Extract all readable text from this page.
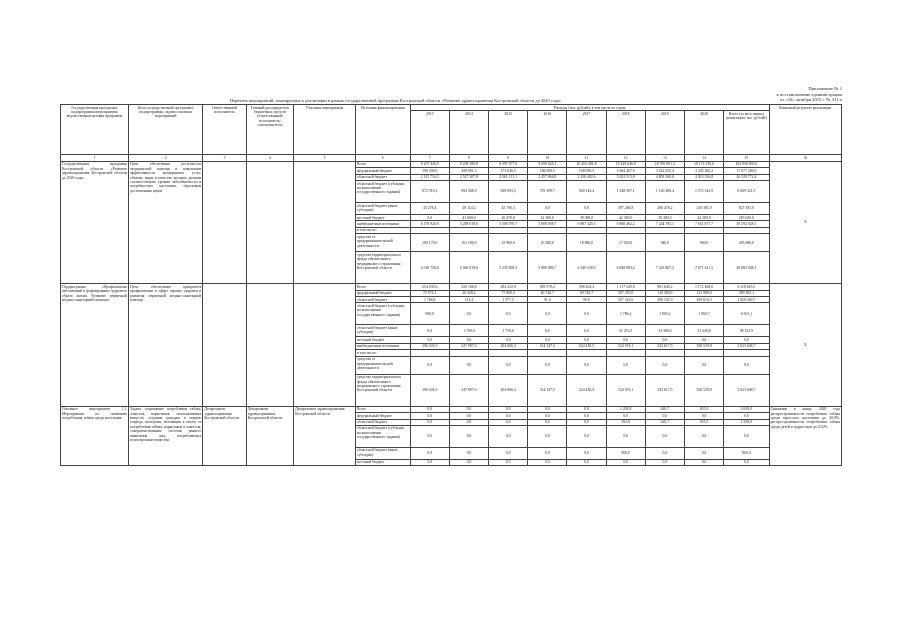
Приложение № 1
к постановлению администрации
от «16» октября 2015 г. № 311-а
Перечень мероприятий, планируемых к реализации в рамках государственной программы Костромской области «Развитие здравоохранения Костромской области до 2020 года»
Государственная программа/подпрограммы/мероприятия/ ведомственная целевая программа	Цель государственной программы/подпрограммы, задачи основных мероприятий	Ответственный исполнитель	Главный распорядитель бюджетных средств (ответственный исполнитель/ соисполнитель)	Участник мероприятия	Источник финансирования	Расходы (тыс. рублей), в том числе по годам									Конечный результат реализации
						2013	2014	2015	2016	2017	2018	2019	2020	Итого (за весь период реализации, тыс. рублей)	
1	2	3	4	5	6	7	8	9	10	11	12	13	14	15	16
Государственная программа Костромской области «Развитие здравоохранения Костромской области до 2020 года»	Цель: обеспечение доступности медицинской помощи и повышение эффективности медицинских услуг, объемы, виды и качество которых должны соответствовать уровню заболеваемости и потребностям населения, передовым достижениям науки				Всего	9 257 426,5	9 258 180,8	9 397 677,9	9 690 028,1	10 203 481,8	19 429 646,8	18 796 891,3	18 174 156,6	102 956 093,0	Х
					федеральный бюджет	196 300,0	458 891,3	273 636,5	188 096,5	108 096,5	3 664 467,9	3 522 035,4	4 203 300,2	17 077 200,0	
					областной бюджет	2 145 754,3	2 527 307,8	2 561 111,1	2 457 964,8	2 458 482,6	5 202 515,8	4 803 369,0	4 913 336,8	26 529 774,4	
					областной бюджет (субсидии на выполнение государственного задания)	872 919,2	994 368,0	928 093,5	781 399,7	940 143,4	1 248 507,1	1 140 408,4	1 573 342,9	8 669 321,5	
					областной бюджет (иные субсидии)	43 278,4	28 114,2	45 706,3	0,0	0,0	397 266,8	206 476,2	210 381,0	827 381,0	
					местный бюджет	0,0	41 600,0	20 370,0	42 380,0	38 380,0	42 380,0	38 380,0	42 380,0	283 650,0	
					внебюджетные источники	6 478 926,0	5 288 019,6	5 500 970,7	5 889 008,7	6 987 420,3	6 866 462,2	7 244 783,1	7 631 677,7	49 592 028,1	
					в том числе:										
					средства от предпринимательской деятельности	180 170,0	161 100,0	25 960,0	20 280,0	18 880,0	17 920,0	940,0	960,0	405 680,0	
					средства территориального фонда обязательного медицинского страхования Костромской области	4 318 756,0	5 046 919,6	5 235 658,3	5 808 086,7	6 540 538,9	6 848 883,2	7 243 867,3	7 671 611,5	49 082 048,1	
Подпрограмма «Профилактика заболеваний и формирование здорового образа жизни. Развитие первичной медико-санитарной помощи»	Цель: обеспечение приоритета профилактики в сфере охраны здоровья и развития первичной медико-санитарной помощи				Всего	254 035,6	250 108,8	284 252,9	583 979,2	598 202,2	1 117 249,8	981 649,2	1 172 468,0	6 118 645,5	Х
					федеральный бюджет	75 974,1	26 438,4	77 869,3	60 740,7	69 740,7	307 470,0	116 450,0	121 900,0	490 582,1	
					областной бюджет	1 766,8	113,4	1 577,5	91,0	96,0	557 341,6	298 331,9	459 619,3	1 659 269,7	
					областной бюджет (субсидии на выполнение государственного задания)	900,0	0,0	0,0	0,0	0,0	1 786,2	1 865,2	1 969,7	6 501,1	
					областной бюджет (иные субсидии)	0,0	1 700,0	1 750,0	0,0	0,0	31 253,3	33 380,6	31 249,0	98 352,9	
					местный бюджет	0,0	0,0	0,0	0,0	0,0	0,0	0,0	0,0	0,0	
					внебюджетные источники	196 041,0	247 897,0	204 066,3	514 147,5	524 430,5	524 919,1	543 617,5	556 529,8	3 623 648,7	
					в том числе:										
					средства от предпринимательской деятельности	0,0	0,0	0,0	0,0	0,0	0,0	0,0	0,0	0,0	
					средства территориального фонда обязательного медицинского страхования Костромской области	196 041,0	247 897,0	204 066,3	514 147,5	524 430,5	524 919,1	543 617,5	556 529,8	3 623 648,7	
Основное мероприятие 1.1. Мероприятия по снижению потребления табака среди населения	Задача: сокращение потребления табака, алкоголя, наркотиков, психоактивных веществ, создание граждан, в первую очередь, молодежи, мотивации к отказу от потребления табака, наркотиков и алкоголя, совершенствование системы раннего выявления лиц, потребляющих психотропные вещества	Департамент здравоохранения Костромской области	Департамент здравоохранения Костромской области	Департамент здравоохранения Костромской области	Всего	0,0	0,0	0,0	0,0	0,0	1 292,8	620,7	655,5	2 639,0	Снижение к концу 2020 года распространенности потребления табака среди взрослого населения до 30,0%, распространенности потребления табака среди детей и подростков до 23,0%
					федеральный бюджет	0,0	0,0	0,0	0,0	0,0	0,0	0,0	0,0	0,0	
					областной бюджет	0,0	0,0	0,0	0,0	0,0	392,8	620,7	655,5	1 839,0	
					областной бюджет (субсидии на выполнение государственного задания)	0,0	0,0	0,0	0,0	0,0	0,0	0,0	0,0	0,0	
					областной бюджет (иные субсидии)	0,0	0,0	0,0	0,0	0,0	800,0	0,0	0,0	800,0	
					местный бюджет	0,0	0,0	0,0	0,0	0,0	0,0	0,0	0,0	0,0	
